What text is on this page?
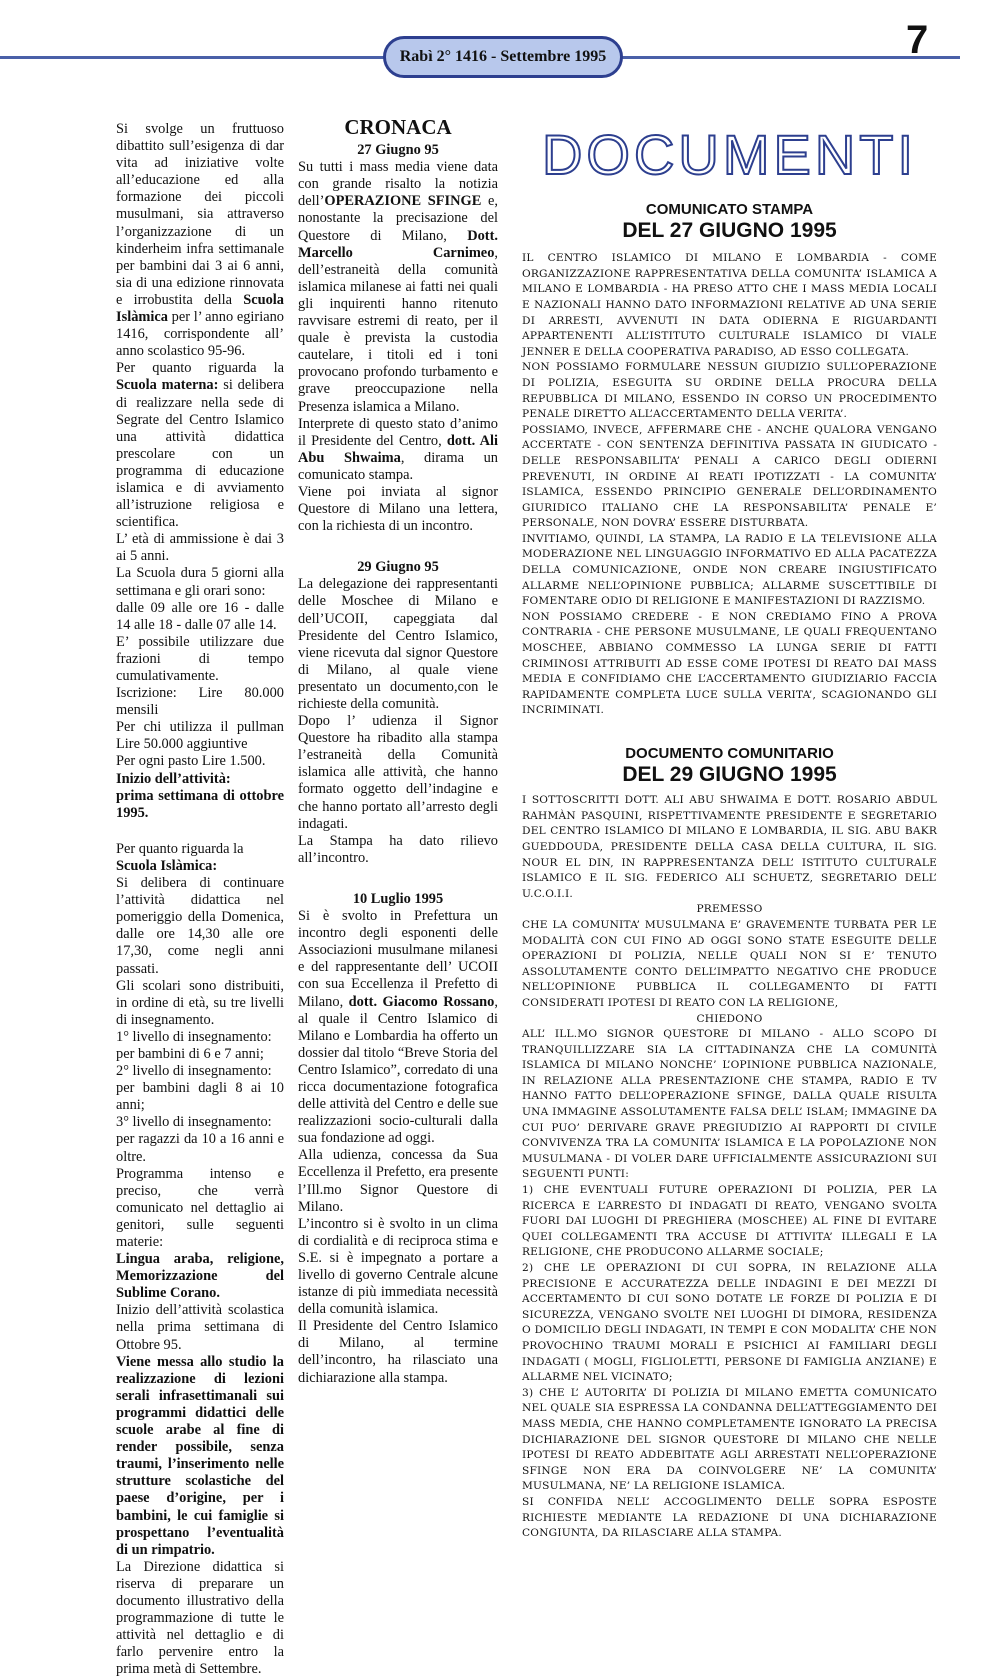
Rabì 2° 1416 - Settembre 1995	7

Si svolge un fruttuoso dibattito sull’esigenza di dar vita ad iniziative volte all’educazione ed alla formazione dei piccoli musulmani, sia attraverso l’organizzazione di un kinderheim infra settimanale per bambini dai 3 ai 6 anni, sia di una edizione rinnovata e irrobustita della Scuola Islàmica per l’ anno egiriano 1416, corrispondente all’ anno scolastico 95-96.

Per quanto riguarda la Scuola materna: si delibera di realizzare nella sede di Segrate del Centro Islamico una attività didattica prescolare con un programma di educazione islamica e di avviamento all’istruzione religiosa e scientifica.

L’ età di ammissione è dai 3 ai 5 anni.

La Scuola dura 5 giorni alla settimana e gli orari sono:

dalle 09 alle ore 16 - dalle 14 alle 18 - dalle 07 alle 14.

E’ possibile utilizzare due frazioni di tempo cumulativamente.

Iscrizione: Lire 80.000 mensili

Per chi utilizza il pullman Lire 50.000 aggiuntive

Per ogni pasto Lire 1.500.

Inizio dell’attività:

prima settimana di ottobre 1995.

Per quanto riguarda la

Scuola Islàmica:

Si delibera di continuare l’attività didattica nel pomeriggio della Domenica, dalle ore 14,30 alle ore 17,30, come negli anni passati.

Gli scolari sono distribuiti, in ordine di età, su tre livelli di insegnamento.

1° livello di insegnamento:

per bambini di 6 e 7 anni;

2° livello di insegnamento:

per bambini dagli 8 ai 10 anni;

3° livello di insegnamento:

per ragazzi da 10 a 16 anni e oltre.

Programma intenso e preciso, che verrà comunicato nel dettaglio ai genitori, sulle seguenti materie:

Lingua araba, religione, Memorizzazione del Sublime Corano.

Inizio dell’attività scolastica nella prima settimana di Ottobre 95.

Viene messa allo studio la realizzazione di lezioni serali infrasettimanali sui programmi didattici delle scuole arabe al fine di render possibile, senza traumi, l’inserimento nelle strutture scolastiche del paese d’origine, per i bambini, le cui famiglie si prospettano l’eventualità di un rimpatrio.

La Direzione didattica si riserva di preparare un documento illustrativo della programmazione di tutte le attività nel dettaglio e di farlo pervenire entro la prima metà di Settembre.

CRONACA

27 Giugno 95

Su tutti i mass media viene data con grande risalto la notizia dell’OPERAZIONE SFINGE e, nonostante la precisazione del Questore di Milano, Dott. Marcello Carnimeo, dell’estraneità della comunità islamica milanese ai fatti nei quali gli inquirenti hanno ritenuto ravvisare estremi di reato, per il quale è prevista la custodia cautelare, i titoli ed i toni provocano profondo turbamento e grave preoccupazione nella Presenza islamica a Milano.

Interprete di questo stato d’animo il Presidente del Centro, dott. Ali Abu Shwaima, dirama un comunicato stampa.

Viene poi inviata al signor Questore di Milano una lettera, con la richiesta di un incontro.

29 Giugno 95

La delegazione dei rappresentanti delle Moschee di Milano e dell’UCOII, capeggiata dal Presidente del Centro Islamico, viene ricevuta dal signor Questore di Milano, al quale viene presentato un documento,con le richieste della comunità.

Dopo l’ udienza il Signor Questore ha ribadito alla stampa l’estraneità della Comunità islamica alle attività, che hanno formato oggetto dell’indagine e che hanno portato all’arresto degli indagati.

La Stampa ha dato rilievo all’incontro.

10 Luglio 1995

Si è svolto in Prefettura un incontro degli esponenti delle Associazioni musulmane milanesi e del rappresentante dell’ UCOII con sua Eccellenza il Prefetto di Milano, dott. Giacomo Rossano, al quale il Centro Islamico di Milano e Lombardia ha offerto un dossier dal titolo “Breve Storia del Centro Islamico”, corredato di una ricca documentazione fotografica delle attività del Centro e delle sue realizzazioni socio-culturali dalla sua fondazione ad oggi.

Alla udienza, concessa da Sua Eccellenza il Prefetto, era presente l’Ill.mo Signor Questore di Milano.

L’incontro si è svolto in un clima di cordialità e di reciproca stima e S.E. si è impegnato a portare a livello di governo Centrale alcune istanze di più immediata necessità della comunità islamica.

Il Presidente del Centro Islamico di Milano, al termine dell’incontro, ha rilasciato una dichiarazione alla stampa.

DOCUMENTI
COMUNICATO STAMPA
DEL 27 GIUGNO 1995

IL CENTRO ISLAMICO DI MILANO E LOMBARDIA - COME ORGANIZZAZIONE RAPPRESENTATIVA DELLA COMUNITA’ ISLAMICA A MILANO E LOMBARDIA - HA PRESO ATTO CHE I MASS MEDIA LOCALI E NAZIONALI HANNO DATO INFORMAZIONI RELATIVE AD UNA SERIE DI ARRESTI, AVVENUTI IN DATA ODIERNA E RIGUARDANTI APPARTENENTI ALL’ISTITUTO CULTURALE ISLAMICO DI VIALE JENNER E DELLA COOPERATIVA PARADISO, AD ESSO COLLEGATA.

NON POSSIAMO FORMULARE NESSUN GIUDIZIO SULL’OPERAZIONE DI POLIZIA, ESEGUITA SU ORDINE DELLA PROCURA DELLA REPUBBLICA DI MILANO, ESSENDO IN CORSO UN PROCEDIMENTO PENALE DIRETTO ALL’ACCERTAMENTO DELLA VERITA’.

POSSIAMO, INVECE, AFFERMARE CHE - ANCHE QUALORA VENGANO ACCERTATE - CON SENTENZA DEFINITIVA PASSATA IN GIUDICATO - DELLE RESPONSABILITA’ PENALI A CARICO DEGLI ODIERNI PREVENUTI, IN ORDINE AI REATI IPOTIZZATI - LA COMUNITA’ ISLAMICA, ESSENDO PRINCIPIO GENERALE DELL’ORDINAMENTO GIURIDICO ITALIANO CHE LA RESPONSABILITA’ PENALE E’ PERSONALE, NON DOVRA’ ESSERE DISTURBATA.

INVITIAMO, QUINDI, LA STAMPA, LA RADIO E LA TELEVISIONE ALLA MODERAZIONE NEL LINGUAGGIO INFORMATIVO ED ALLA PACATEZZA DELLA COMUNICAZIONE, ONDE NON CREARE INGIUSTIFICATO ALLARME NELL’OPINIONE PUBBLICA; ALLARME SUSCETTIBILE DI FOMENTARE ODIO DI RELIGIONE E MANIFESTAZIONI DI RAZZISMO.

NON POSSIAMO CREDERE - E NON CREDIAMO FINO A PROVA CONTRARIA - CHE PERSONE MUSULMANE, LE QUALI FREQUENTANO MOSCHEE, ABBIANO COMMESSO LA LUNGA SERIE DI FATTI CRIMINOSI ATTRIBUITI AD ESSE COME IPOTESI DI REATO DAI MASS MEDIA E CONFIDIAMO CHE L’ACCERTAMENTO GIUDIZIARIO FACCIA RAPIDAMENTE COMPLETA LUCE SULLA VERITA’, SCAGIONANDO GLI INCRIMINATI.

DOCUMENTO COMUNITARIO
DEL 29 GIUGNO 1995

I SOTTOSCRITTI DOTT. ALI ABU SHWAIMA E DOTT. ROSARIO ABDUL RAHMÀN PASQUINI, RISPETTIVAMENTE PRESIDENTE E SEGRETARIO DEL CENTRO ISLAMICO DI MILANO E LOMBARDIA, IL SIG. ABU BAKR GUEDDOUDA, PRESIDENTE DELLA CASA DELLA CULTURA, IL SIG. NOUR EL DIN, IN RAPPRESENTANZA DELL’ ISTITUTO CULTURALE ISLAMICO E IL SIG. FEDERICO ALI SCHUETZ, SEGRETARIO DELL’ U.C.O.I.I.

PREMESSO

CHE LA COMUNITA’ MUSULMANA E’ GRAVEMENTE TURBATA PER LE MODALITÀ CON CUI FINO AD OGGI SONO STATE ESEGUITE DELLE OPERAZIONI DI POLIZIA, NELLE QUALI NON SI E’ TENUTO ASSOLUTAMENTE CONTO DELL’IMPATTO NEGATIVO CHE PRODUCE NELL’OPINIONE PUBBLICA IL COLLEGAMENTO DI FATTI CONSIDERATI IPOTESI DI REATO CON LA RELIGIONE,

CHIEDONO

ALL’ ILL.MO SIGNOR QUESTORE DI MILANO - ALLO SCOPO DI TRANQUILLIZZARE SIA LA CITTADINANZA CHE LA COMUNITÀ ISLAMICA DI MILANO NONCHE’ L’OPINIONE PUBBLICA NAZIONALE, IN RELAZIONE ALLA PRESENTAZIONE CHE STAMPA, RADIO E TV HANNO FATTO DELL’OPERAZIONE SFINGE, DALLA QUALE RISULTA UNA IMMAGINE ASSOLUTAMENTE FALSA DELL’ ISLAM; IMMAGINE DA CUI PUO’ DERIVARE GRAVE PREGIUDIZIO AI RAPPORTI DI CIVILE CONVIVENZA TRA LA COMUNITA’ ISLAMICA E LA POPOLAZIONE NON MUSULMANA - DI VOLER DARE UFFICIALMENTE ASSICURAZIONI SUI SEGUENTI PUNTI:

1) CHE EVENTUALI FUTURE OPERAZIONI DI POLIZIA, PER LA RICERCA E L’ARRESTO DI INDAGATI DI REATO, VENGANO SVOLTA FUORI DAI LUOGHI DI PREGHIERA (MOSCHEE) AL FINE DI EVITARE QUEI COLLEGAMENTI TRA ACCUSE DI ATTIVITA’ ILLEGALI E LA RELIGIONE, CHE PRODUCONO ALLARME SOCIALE;

2) CHE LE OPERAZIONI DI CUI SOPRA, IN RELAZIONE ALLA PRECISIONE E ACCURATEZZA DELLE INDAGINI E DEI MEZZI DI ACCERTAMENTO DI CUI SONO DOTATE LE FORZE DI POLIZIA E DI SICUREZZA, VENGANO SVOLTE NEI LUOGHI DI DIMORA, RESIDENZA O DOMICILIO DEGLI INDAGATI, IN TEMPI E CON MODALITA’ CHE NON PROVOCHINO TRAUMI MORALI E PSICHICI AI FAMILIARI DEGLI INDAGATI ( MOGLI, FIGLIOLETTI, PERSONE DI FAMIGLIA ANZIANE) E ALLARME NEL VICINATO;

3) CHE L’ AUTORITA’ DI POLIZIA DI MILANO EMETTA COMUNICATO NEL QUALE SIA ESPRESSA LA CONDANNA DELL’ATTEGGIAMENTO DEI MASS MEDIA, CHE HANNO COMPLETAMENTE IGNORATO LA PRECISA DICHIARAZIONE DEL SIGNOR QUESTORE DI MILANO CHE NELLE IPOTESI DI REATO ADDEBITATE AGLI ARRESTATI NELL’OPERAZIONE SFINGE NON ERA DA COINVOLGERE NE’ LA COMUNITA’ MUSULMANA, NE’ LA RELIGIONE ISLAMICA.

SI CONFIDA NELL’ ACCOGLIMENTO DELLE SOPRA ESPOSTE RICHIESTE MEDIANTE LA REDAZIONE DI UNA DICHIARAZIONE CONGIUNTA, DA RILASCIARE ALLA STAMPA.
